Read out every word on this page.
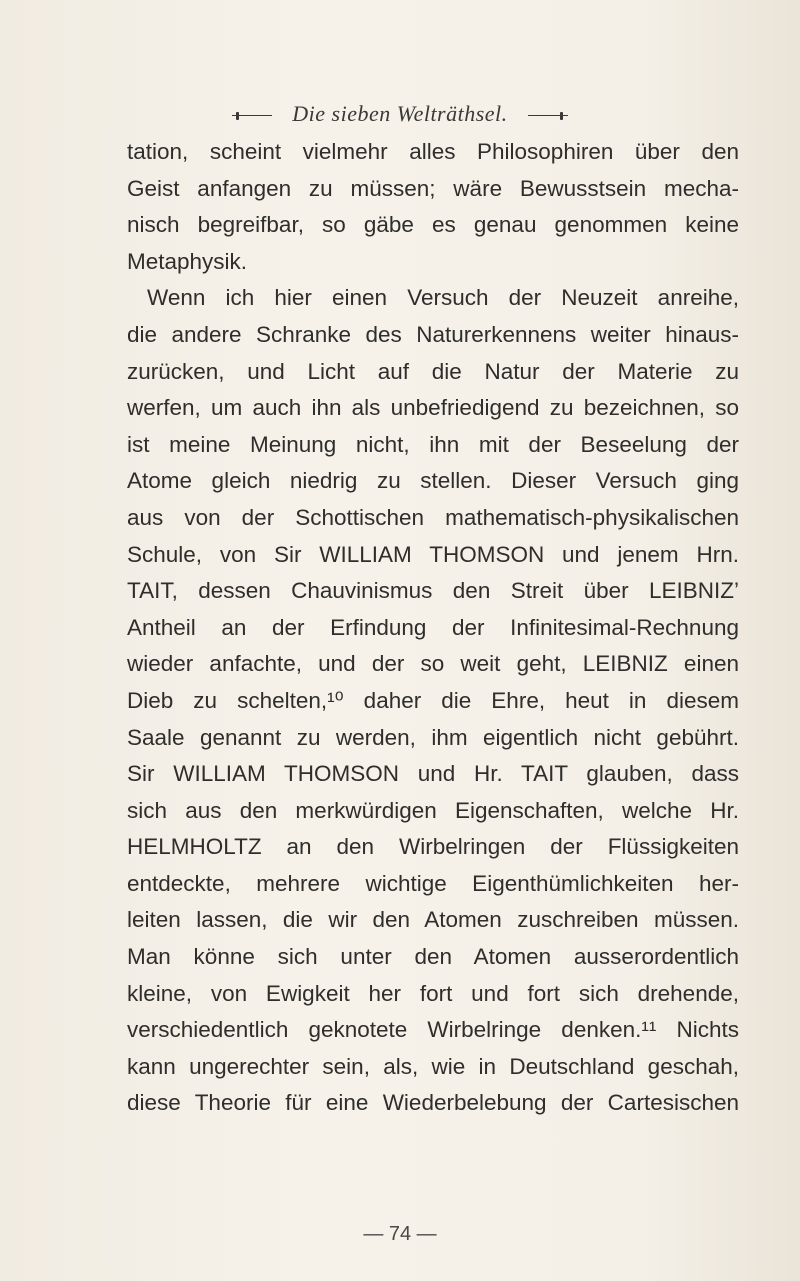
Die sieben Welträthsel.
tation, scheint vielmehr alles Philosophiren über den
Geist anfangen zu müssen; wäre Bewusstsein mecha-
nisch begreifbar, so gäbe es genau genommen keine
Metaphysik.
Wenn ich hier einen Versuch der Neuzeit anreihe,
die andere Schranke des Naturerkennens weiter hinaus-
zurücken, und Licht auf die Natur der Materie zu
werfen, um auch ihn als unbefriedigend zu bezeichnen, so
ist meine Meinung nicht, ihn mit der Beseelung der
Atome gleich niedrig zu stellen. Dieser Versuch ging
aus von der Schottischen mathematisch-physikalischen
Schule, von Sir WILLIAM THOMSON und jenem Hrn.
TAIT, dessen Chauvinismus den Streit über LEIBNIZ’
Antheil an der Erfindung der Infinitesimal-Rechnung
wieder anfachte, und der so weit geht, LEIBNIZ einen
Dieb zu schelten,¹⁰ daher die Ehre, heut in diesem
Saale genannt zu werden, ihm eigentlich nicht gebührt.
Sir WILLIAM THOMSON und Hr. TAIT glauben, dass
sich aus den merkwürdigen Eigenschaften, welche Hr.
HELMHOLTZ an den Wirbelringen der Flüssigkeiten
entdeckte, mehrere wichtige Eigenthümlichkeiten her-
leiten lassen, die wir den Atomen zuschreiben müssen.
Man könne sich unter den Atomen ausserordentlich
kleine, von Ewigkeit her fort und fort sich drehende,
verschiedentlich geknotete Wirbelringe denken.¹¹ Nichts
kann ungerechter sein, als, wie in Deutschland geschah,
diese Theorie für eine Wiederbelebung der Cartesischen
— 74 —
